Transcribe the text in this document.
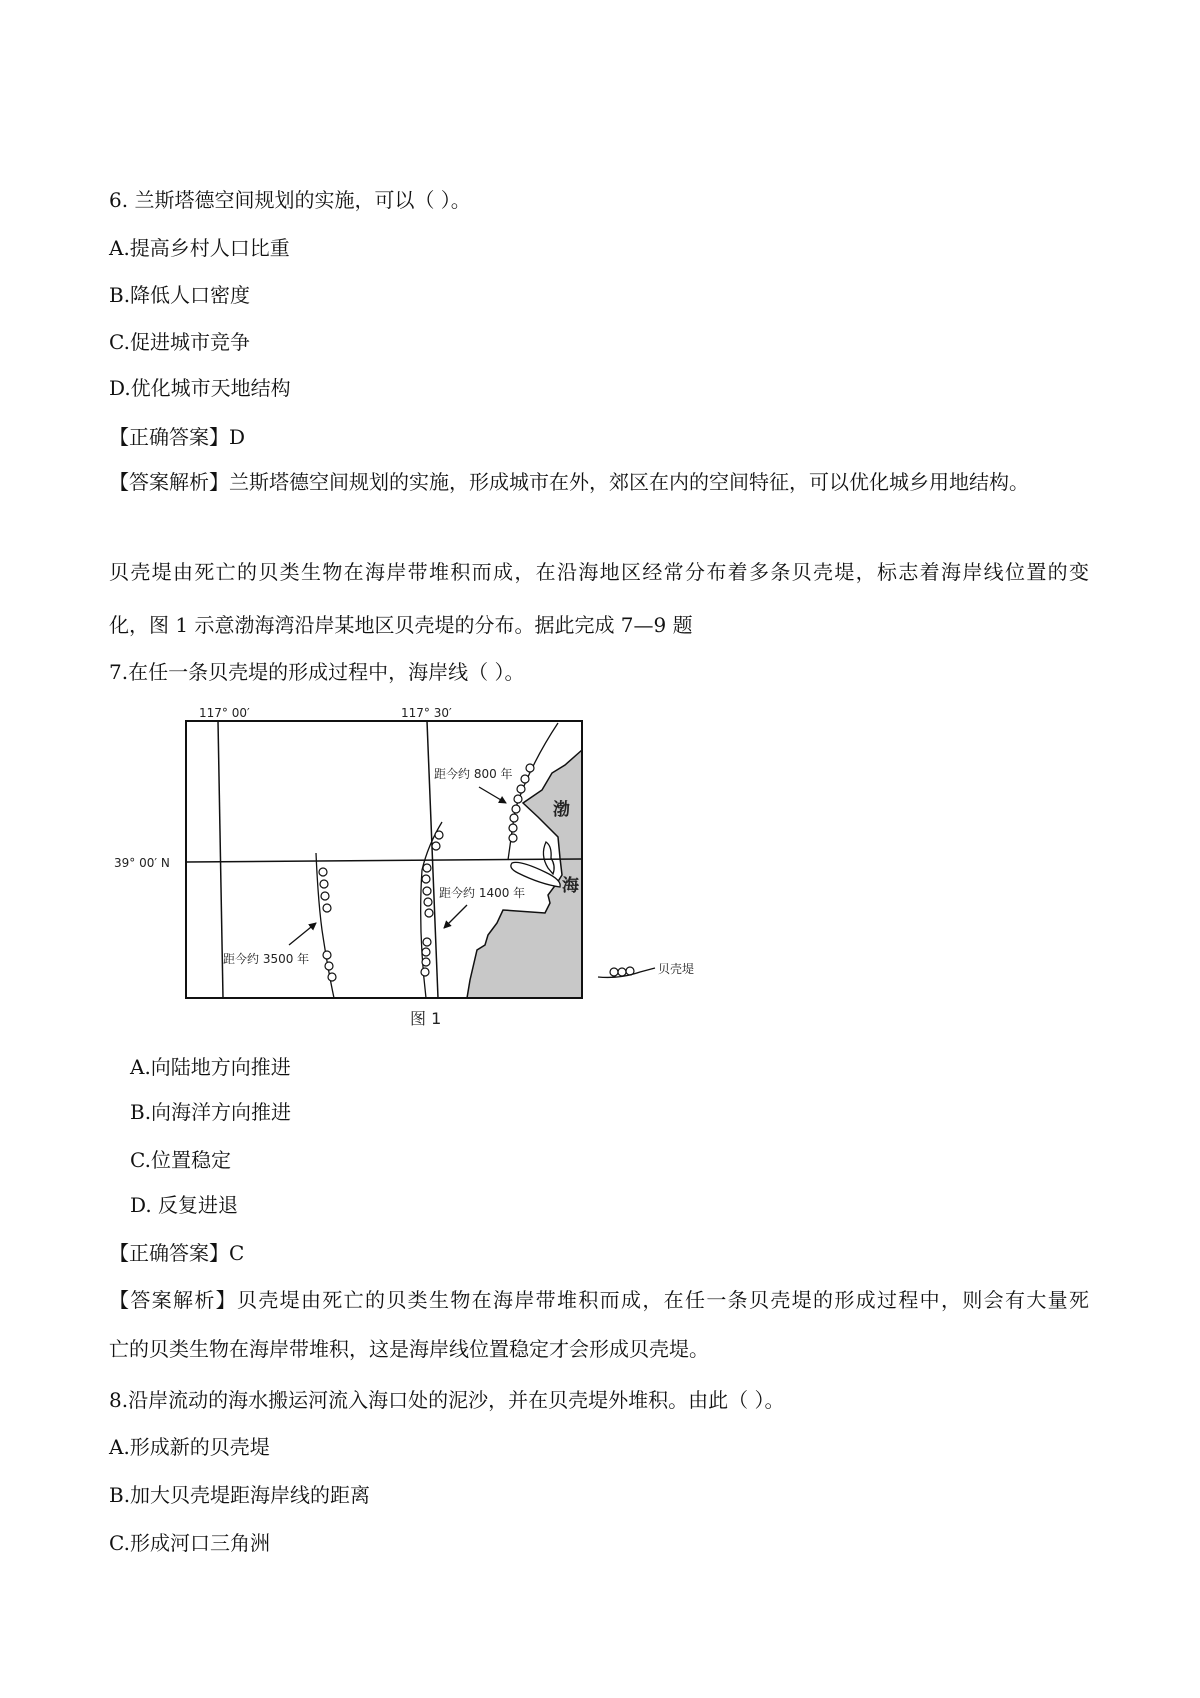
6. 兰斯塔德空间规划的实施，可以（ ）。
A.提高乡村人口比重
B.降低人口密度
C.促进城市竞争
D.优化城市天地结构
【正确答案】D
【答案解析】兰斯塔德空间规划的实施，形成城市在外，郊区在内的空间特征，可以优化城乡用地结构。
贝壳堤由死亡的贝类生物在海岸带堆积而成，在沿海地区经常分布着多条贝壳堤，标志着海岸线位置的变
化，图 1 示意渤海湾沿岸某地区贝壳堤的分布。据此完成 7—9 题
7.在任一条贝壳堤的形成过程中，海岸线（ ）。
117° 00′	117° 30′
39° 00′ N
距今约 800 年
距今约 1400 年
距今约 3500 年
渤
海
贝壳堤
图 1
A.向陆地方向推进
B.向海洋方向推进
C.位置稳定
D. 反复进退
【正确答案】C
【答案解析】贝壳堤由死亡的贝类生物在海岸带堆积而成，在任一条贝壳堤的形成过程中，则会有大量死
亡的贝类生物在海岸带堆积，这是海岸线位置稳定才会形成贝壳堤。
8.沿岸流动的海水搬运河流入海口处的泥沙，并在贝壳堤外堆积。由此（ ）。
A.形成新的贝壳堤
B.加大贝壳堤距海岸线的距离
C.形成河口三角洲
